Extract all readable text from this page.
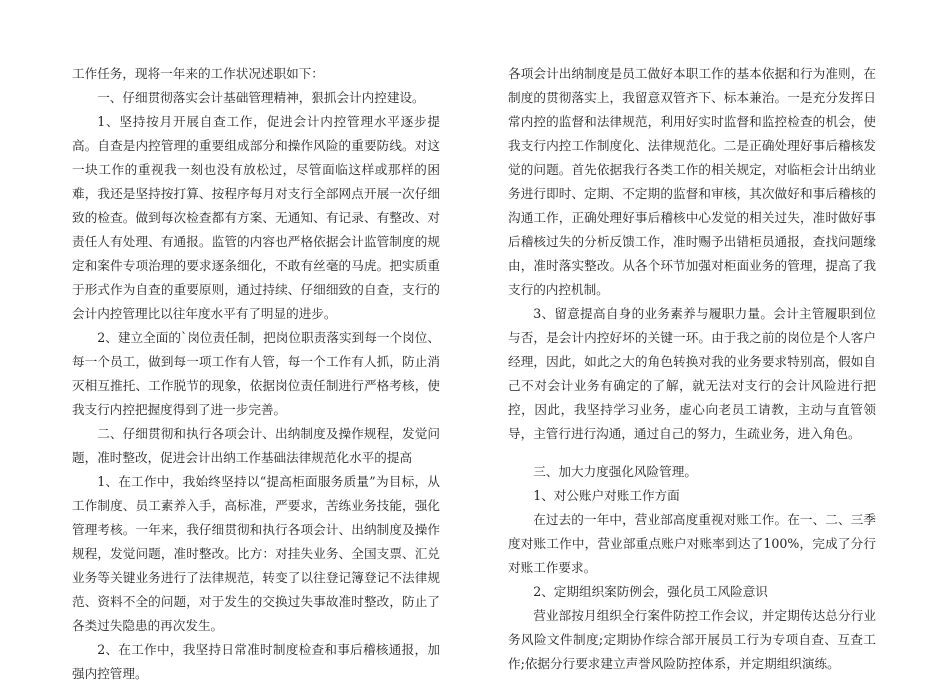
工作任务，现将一年来的工作状况述职如下：

一、仔细贯彻落实会计基础管理精神，狠抓会计内控建设。

1、坚持按月开展自查工作，促进会计内控管理水平逐步提高。自查是内控管理的重要组成部分和操作风险的重要防线。对这一块工作的重视我一刻也没有放松过，尽管面临这样或那样的困难，我还是坚持按打算、按程序每月对支行全部网点开展一次仔细致的检查。做到每次检查都有方案、无通知、有记录、有整改、对责任人有处理、有通报。监管的内容也严格依据会计监管制度的规定和案件专项治理的要求逐条细化，不敢有丝毫的马虎。把实质重于形式作为自查的重要原则，通过持续、仔细细致的自查，支行的会计内控管理比以往年度水平有了明显的进步。

2、建立全面的`岗位责任制，把岗位职责落实到每一个岗位、每一个员工，做到每一项工作有人管，每一个工作有人抓，防止消灭相互推托、工作脱节的现象，依据岗位责任制进行严格考核，使我支行内控把握度得到了进一步完善。

二、仔细贯彻和执行各项会计、出纳制度及操作规程，发觉问题，准时整改，促进会计出纳工作基础法律规范化水平的提高

1、在工作中，我始终坚持以“提高柜面服务质量”为目标，从工作制度、员工素养入手，高标准，严要求，苦练业务技能，强化管理考核。一年来，我仔细贯彻和执行各项会计、出纳制度及操作规程，发觉问题，准时整改。比方：对挂失业务、全国支票、汇兑业务等关键业务进行了法律规范，转变了以往登记簿登记不法律规范、资料不全的问题，对于发生的交换过失事故准时整改，防止了各类过失隐患的再次发生。

2、在工作中，我坚持日常准时制度检查和事后稽核通报，加强内控管理。

各项会计出纳制度是员工做好本职工作的基本依据和行为准则，在制度的贯彻落实上，我留意双管齐下、标本兼治。一是充分发挥日常内控的监督和法律规范，利用好实时监督和监控检查的机会，使我支行内控工作制度化、法律规范化。二是正确处理好事后稽核发觉的问题。首先依据我行各类工作的相关规定，对临柜会计出纳业务进行即时、定期、不定期的监督和审核，其次做好和事后稽核的沟通工作，正确处理好事后稽核中心发觉的相关过失，准时做好事后稽核过失的分析反馈工作，准时赐予出错柜员通报，查找问题缘由，准时落实整改。从各个环节加强对柜面业务的管理，提高了我支行的内控机制。

3、留意提高自身的业务素养与履职力量。会计主管履职到位与否，是会计内控好坏的关键一环。由于我之前的岗位是个人客户经理，因此，如此之大的角色转换对我的业务要求特别高，假如自己不对会计业务有确定的了解，就无法对支行的会计风险进行把控，因此，我坚持学习业务，虚心向老员工请教，主动与直管领导，主管行进行沟通，通过自己的努力，生疏业务，进入角色。

三、加大力度强化风险管理。

1、对公账户对账工作方面

在过去的一年中，营业部高度重视对账工作。在一、二、三季度对账工作中，营业部重点账户对账率到达了100%，完成了分行对账工作要求。

2、定期组织案防例会，强化员工风险意识

营业部按月组织全行案件防控工作会议，并定期传达总分行业务风险文件制度;定期协作综合部开展员工行为专项自查、互查工作;依据分行要求建立声誉风险防控体系，并定期组织演练。
